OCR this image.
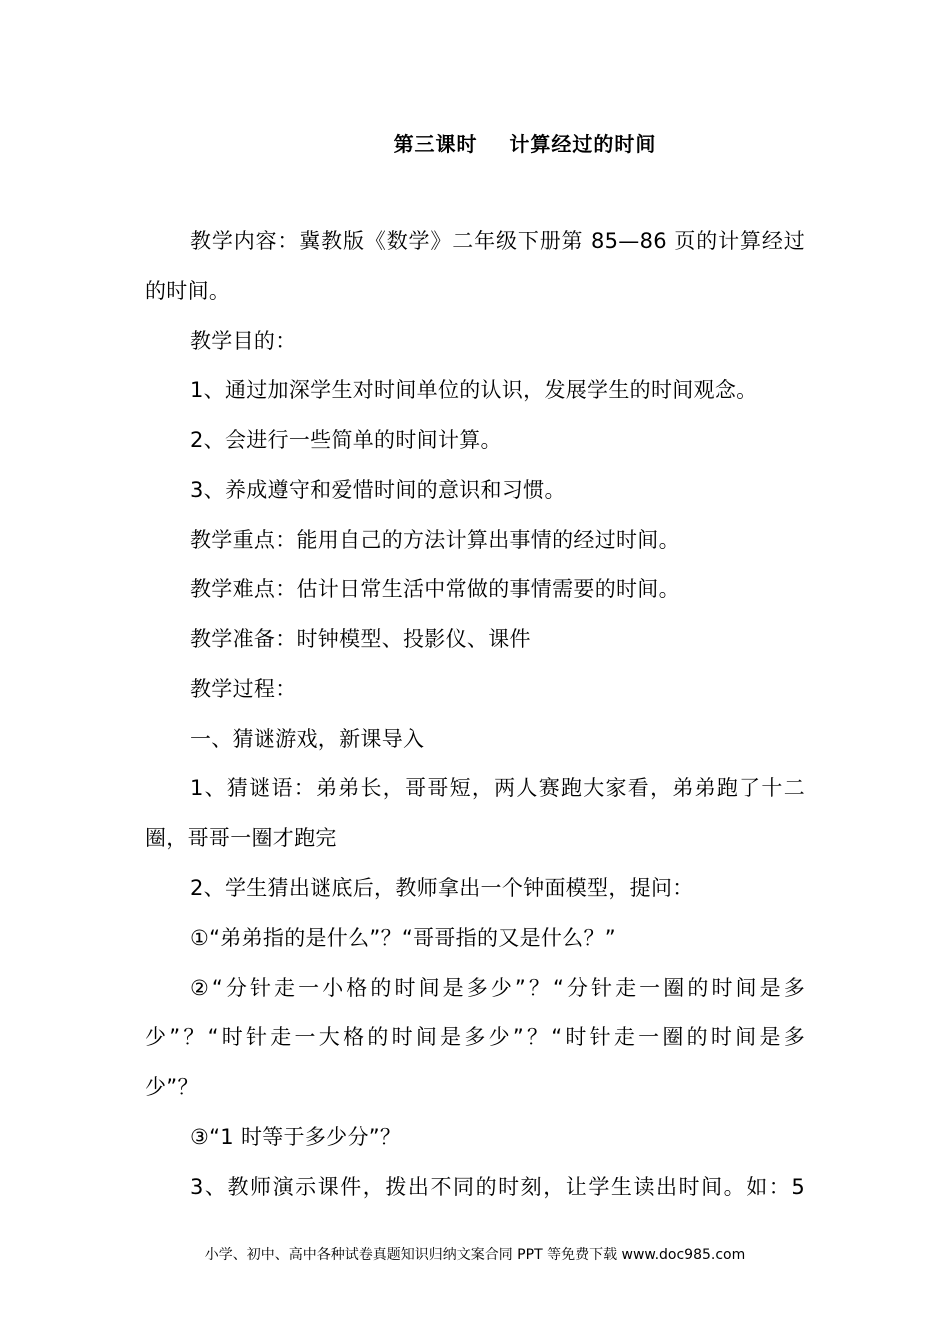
第三课时    计算经过的时间
教学内容：冀教版《数学》二年级下册第 85—86 页的计算经过
的时间。
教学目的：
1、通过加深学生对时间单位的认识，发展学生的时间观念。
2、会进行一些简单的时间计算。
3、养成遵守和爱惜时间的意识和习惯。
教学重点：能用自己的方法计算出事情的经过时间。
教学难点：估计日常生活中常做的事情需要的时间。
教学准备：时钟模型、投影仪、课件
教学过程：
一、猜谜游戏，新课导入
1、猜谜语：弟弟长，哥哥短，两人赛跑大家看，弟弟跑了十二
圈，哥哥一圈才跑完
2、学生猜出谜底后，教师拿出一个钟面模型，提问：
①“弟弟指的是什么”？“哥哥指的又是什么？”
②“分针走一小格的时间是多少”？“分针走一圈的时间是多
少”？“时针走一大格的时间是多少”？“时针走一圈的时间是多
少”？
③“1 时等于多少分”？
3、教师演示课件，拨出不同的时刻，让学生读出时间。如：5
小学、初中、高中各种试卷真题知识归纳文案合同 PPT 等免费下载 www.doc985.com
